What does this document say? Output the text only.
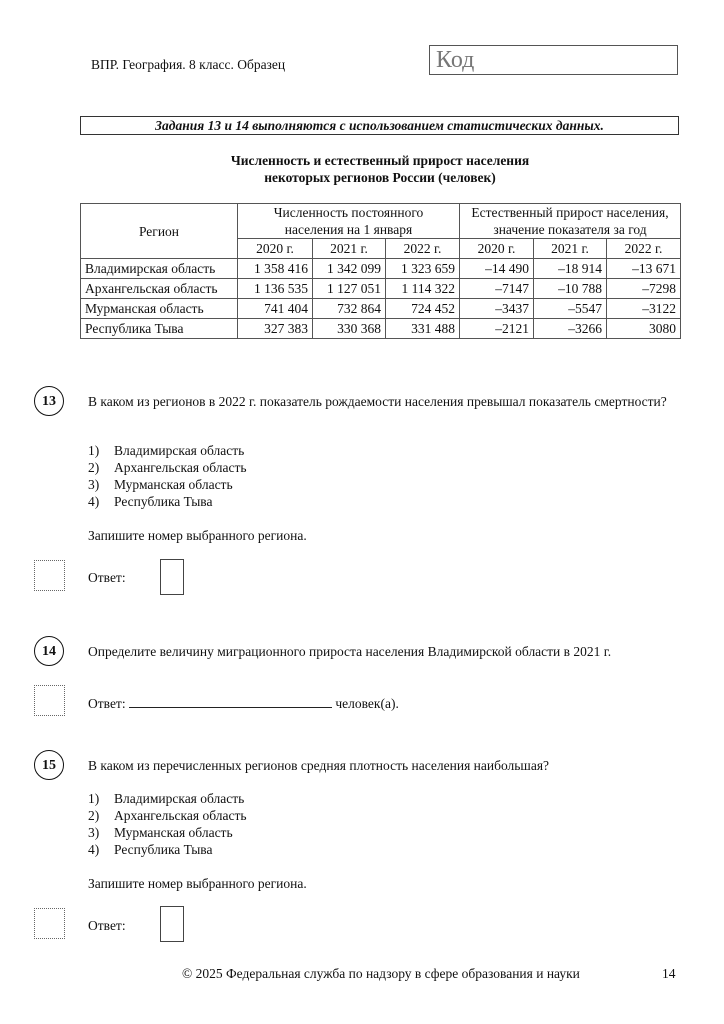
ВПР. География. 8 класс. Образец	Код
Задания 13 и 14 выполняются с использованием статистических данных.
Численность и естественный прирост населения
некоторых регионов России (человек)
Регион	
Численность постоянного
населения на 1 января

Естественный прирост населения,
значение показателя за год

	2020 г.	2021 г.	2022 г.	2020 г.	2021 г.	2022 г.
Владимирская область	1 358 416	1 342 099	1 323 659	–14 490	–18 914	–13 671
Архангельская область	1 136 535	1 127 051	1 114 322	–7147	–10 788	–7298
Мурманская область	741 404	732 864	724 452	–3437	–5547	–3122
Республика Тыва	327 383	330 368	331 488	–2121	–3266	3080
13	В каком из регионов в 2022 г. показатель рождаемости населения превышал показатель смертности?
1) Владимирская область
2) Архангельская область
3) Мурманская область
4) Республика Тыва
Запишите номер выбранного региона.
Ответ:
14	Определите величину миграционного прироста населения Владимирской области в 2021 г.
Ответ:	человек(а).
15	В каком из перечисленных регионов средняя плотность населения наибольшая?
1) Владимирская область
2) Архангельская область
3) Мурманская область
4) Республика Тыва
Запишите номер выбранного региона.
Ответ:
© 2025 Федеральная служба по надзору в сфере образования и науки	14
